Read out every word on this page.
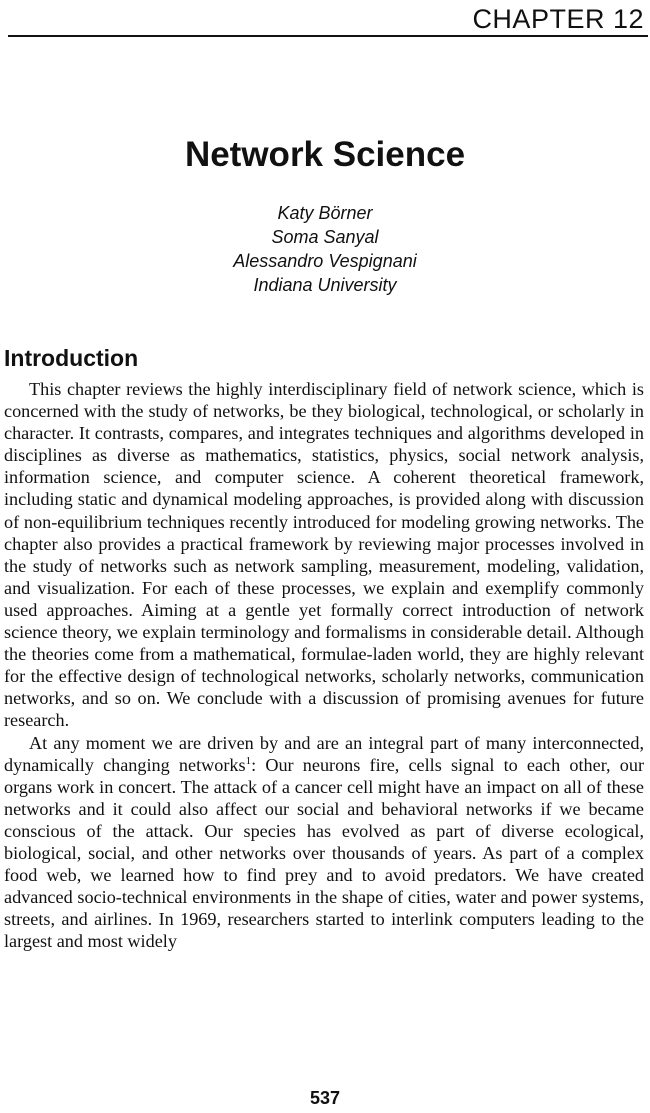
CHAPTER 12
Network Science
Katy Börner
Soma Sanyal
Alessandro Vespignani
Indiana University
Introduction

This chapter reviews the highly interdisciplinary field of network science, which is concerned with the study of networks, be they biological, technological, or scholarly in character. It contrasts, compares, and integrates techniques and algorithms developed in disciplines as diverse as mathematics, statistics, physics, social network analysis, information science, and computer science. A coherent theoretical framework, including static and dynamical modeling approaches, is provided along with discussion of non-equilibrium techniques recently introduced for modeling growing networks. The chapter also provides a practical framework by reviewing major processes involved in the study of networks such as network sampling, measurement, modeling, validation, and visualization. For each of these processes, we explain and exemplify commonly used approaches. Aiming at a gentle yet formally correct introduction of network science theory, we explain terminology and formalisms in considerable detail. Although the theories come from a mathematical, formulae-laden world, they are highly relevant for the effective design of technological networks, scholarly networks, communication networks, and so on. We conclude with a discussion of promising avenues for future research.

At any moment we are driven by and are an integral part of many interconnected, dynamically changing networks$^1$: Our neurons fire, cells signal to each other, our organs work in concert. The attack of a cancer cell might have an impact on all of these networks and it could also affect our social and behavioral networks if we became conscious of the attack. Our species has evolved as part of diverse ecological, biological, social, and other networks over thousands of years. As part of a complex food web, we learned how to find prey and to avoid predators. We have created advanced socio-technical environments in the shape of cities, water and power systems, streets, and airlines. In 1969, researchers started to interlink computers leading to the largest and most widely

537
